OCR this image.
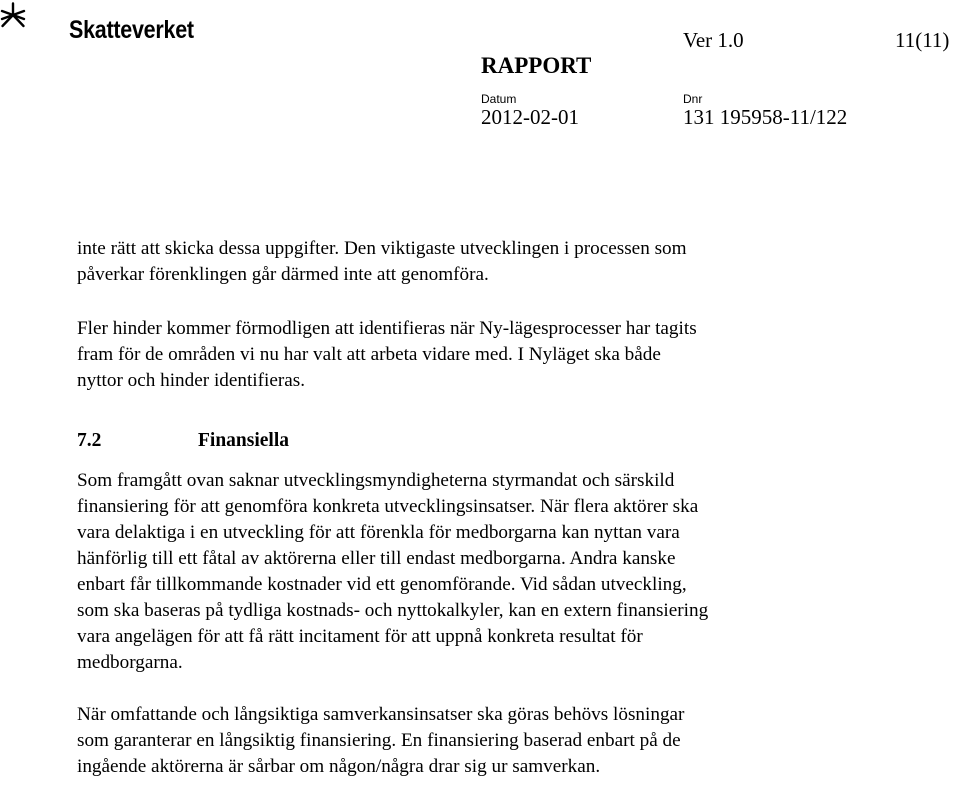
Skatteverket	Ver 1.0	11(11)
RAPPORT
Datum	Dnr
2012-02-01	131 195958-11/122

inte rätt att skicka dessa uppgifter. Den viktigaste utvecklingen i processen som
påverkar förenklingen går därmed inte att genomföra.

Fler hinder kommer förmodligen att identifieras när Ny-lägesprocesser har tagits
fram för de områden vi nu har valt att arbeta vidare med. I Nyläget ska både
nyttor och hinder identifieras.

7.2	Finansiella

Som framgått ovan saknar utvecklingsmyndigheterna styrmandat och särskild
finansiering för att genomföra konkreta utvecklingsinsatser. När flera aktörer ska
vara delaktiga i en utveckling för att förenkla för medborgarna kan nyttan vara
hänförlig till ett fåtal av aktörerna eller till endast medborgarna. Andra kanske
enbart får tillkommande kostnader vid ett genomförande. Vid sådan utveckling,
som ska baseras på tydliga kostnads- och nyttokalkyler, kan en extern finansiering
vara angelägen för att få rätt incitament för att uppnå konkreta resultat för
medborgarna.

När omfattande och långsiktiga samverkansinsatser ska göras behövs lösningar
som garanterar en långsiktig finansiering. En finansiering baserad enbart på de
ingående aktörerna är sårbar om någon/några drar sig ur samverkan.
